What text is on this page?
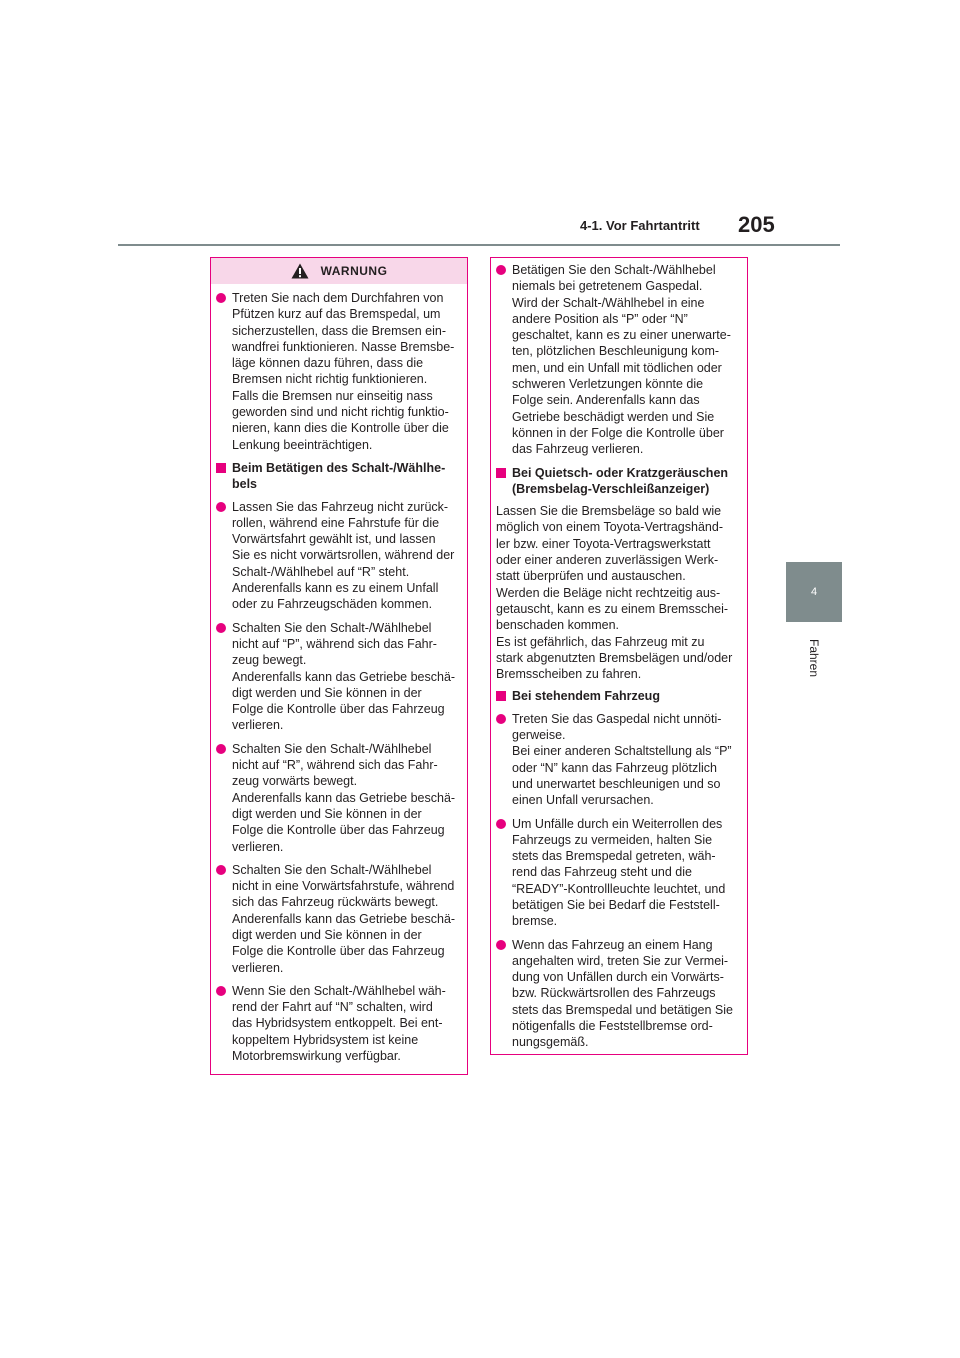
4-1. Vor Fahrtantritt 205
4
Fahren
WARNUNG
Treten Sie nach dem Durchfahren von
Pfützen kurz auf das Bremspedal, um
sicherzustellen, dass die Bremsen ein-
wandfrei funktionieren. Nasse Bremsbe-
läge können dazu führen, dass die
Bremsen nicht richtig funktionieren.
Falls die Bremsen nur einseitig nass
geworden sind und nicht richtig funktio-
nieren, kann dies die Kontrolle über die
Lenkung beeinträchtigen.
Beim Betätigen des Schalt-/Wählhe-
bels
Lassen Sie das Fahrzeug nicht zurück-
rollen, während eine Fahrstufe für die
Vorwärtsfahrt gewählt ist, und lassen
Sie es nicht vorwärtsrollen, während der
Schalt-/Wählhebel auf “R” steht.
Anderenfalls kann es zu einem Unfall
oder zu Fahrzeugschäden kommen.
Schalten Sie den Schalt-/Wählhebel
nicht auf “P”, während sich das Fahr-
zeug bewegt.
Anderenfalls kann das Getriebe beschä-
digt werden und Sie können in der
Folge die Kontrolle über das Fahrzeug
verlieren.
Schalten Sie den Schalt-/Wählhebel
nicht auf “R”, während sich das Fahr-
zeug vorwärts bewegt.
Anderenfalls kann das Getriebe beschä-
digt werden und Sie können in der
Folge die Kontrolle über das Fahrzeug
verlieren.
Schalten Sie den Schalt-/Wählhebel
nicht in eine Vorwärtsfahrstufe, während
sich das Fahrzeug rückwärts bewegt.
Anderenfalls kann das Getriebe beschä-
digt werden und Sie können in der
Folge die Kontrolle über das Fahrzeug
verlieren.
Wenn Sie den Schalt-/Wählhebel wäh-
rend der Fahrt auf “N” schalten, wird
das Hybridsystem entkoppelt. Bei ent-
koppeltem Hybridsystem ist keine
Motorbremswirkung verfügbar.
Betätigen Sie den Schalt-/Wählhebel
niemals bei getretenem Gaspedal.
Wird der Schalt-/Wählhebel in eine
andere Position als “P” oder “N”
geschaltet, kann es zu einer unerwarte-
ten, plötzlichen Beschleunigung kom-
men, und ein Unfall mit tödlichen oder
schweren Verletzungen könnte die
Folge sein. Anderenfalls kann das
Getriebe beschädigt werden und Sie
können in der Folge die Kontrolle über
das Fahrzeug verlieren.
Bei Quietsch- oder Kratzgeräuschen
(Bremsbelag-Verschleißanzeiger)
Lassen Sie die Bremsbeläge so bald wie
möglich von einem Toyota-Vertragshänd-
ler bzw. einer Toyota-Vertragswerkstatt
oder einer anderen zuverlässigen Werk-
statt überprüfen und austauschen.
Werden die Beläge nicht rechtzeitig aus-
getauscht, kann es zu einem Bremsschei-
benschaden kommen.
Es ist gefährlich, das Fahrzeug mit zu
stark abgenutzten Bremsbelägen und/oder
Bremsscheiben zu fahren.
Bei stehendem Fahrzeug
Treten Sie das Gaspedal nicht unnöti-
gerweise.
Bei einer anderen Schaltstellung als “P”
oder “N” kann das Fahrzeug plötzlich
und unerwartet beschleunigen und so
einen Unfall verursachen.
Um Unfälle durch ein Weiterrollen des
Fahrzeugs zu vermeiden, halten Sie
stets das Bremspedal getreten, wäh-
rend das Fahrzeug steht und die
“READY”-Kontrollleuchte leuchtet, und
betätigen Sie bei Bedarf die Feststell-
bremse.
Wenn das Fahrzeug an einem Hang
angehalten wird, treten Sie zur Vermei-
dung von Unfällen durch ein Vorwärts-
bzw. Rückwärtsrollen des Fahrzeugs
stets das Bremspedal und betätigen Sie
nötigenfalls die Feststellbremse ord-
nungsgemäß.
